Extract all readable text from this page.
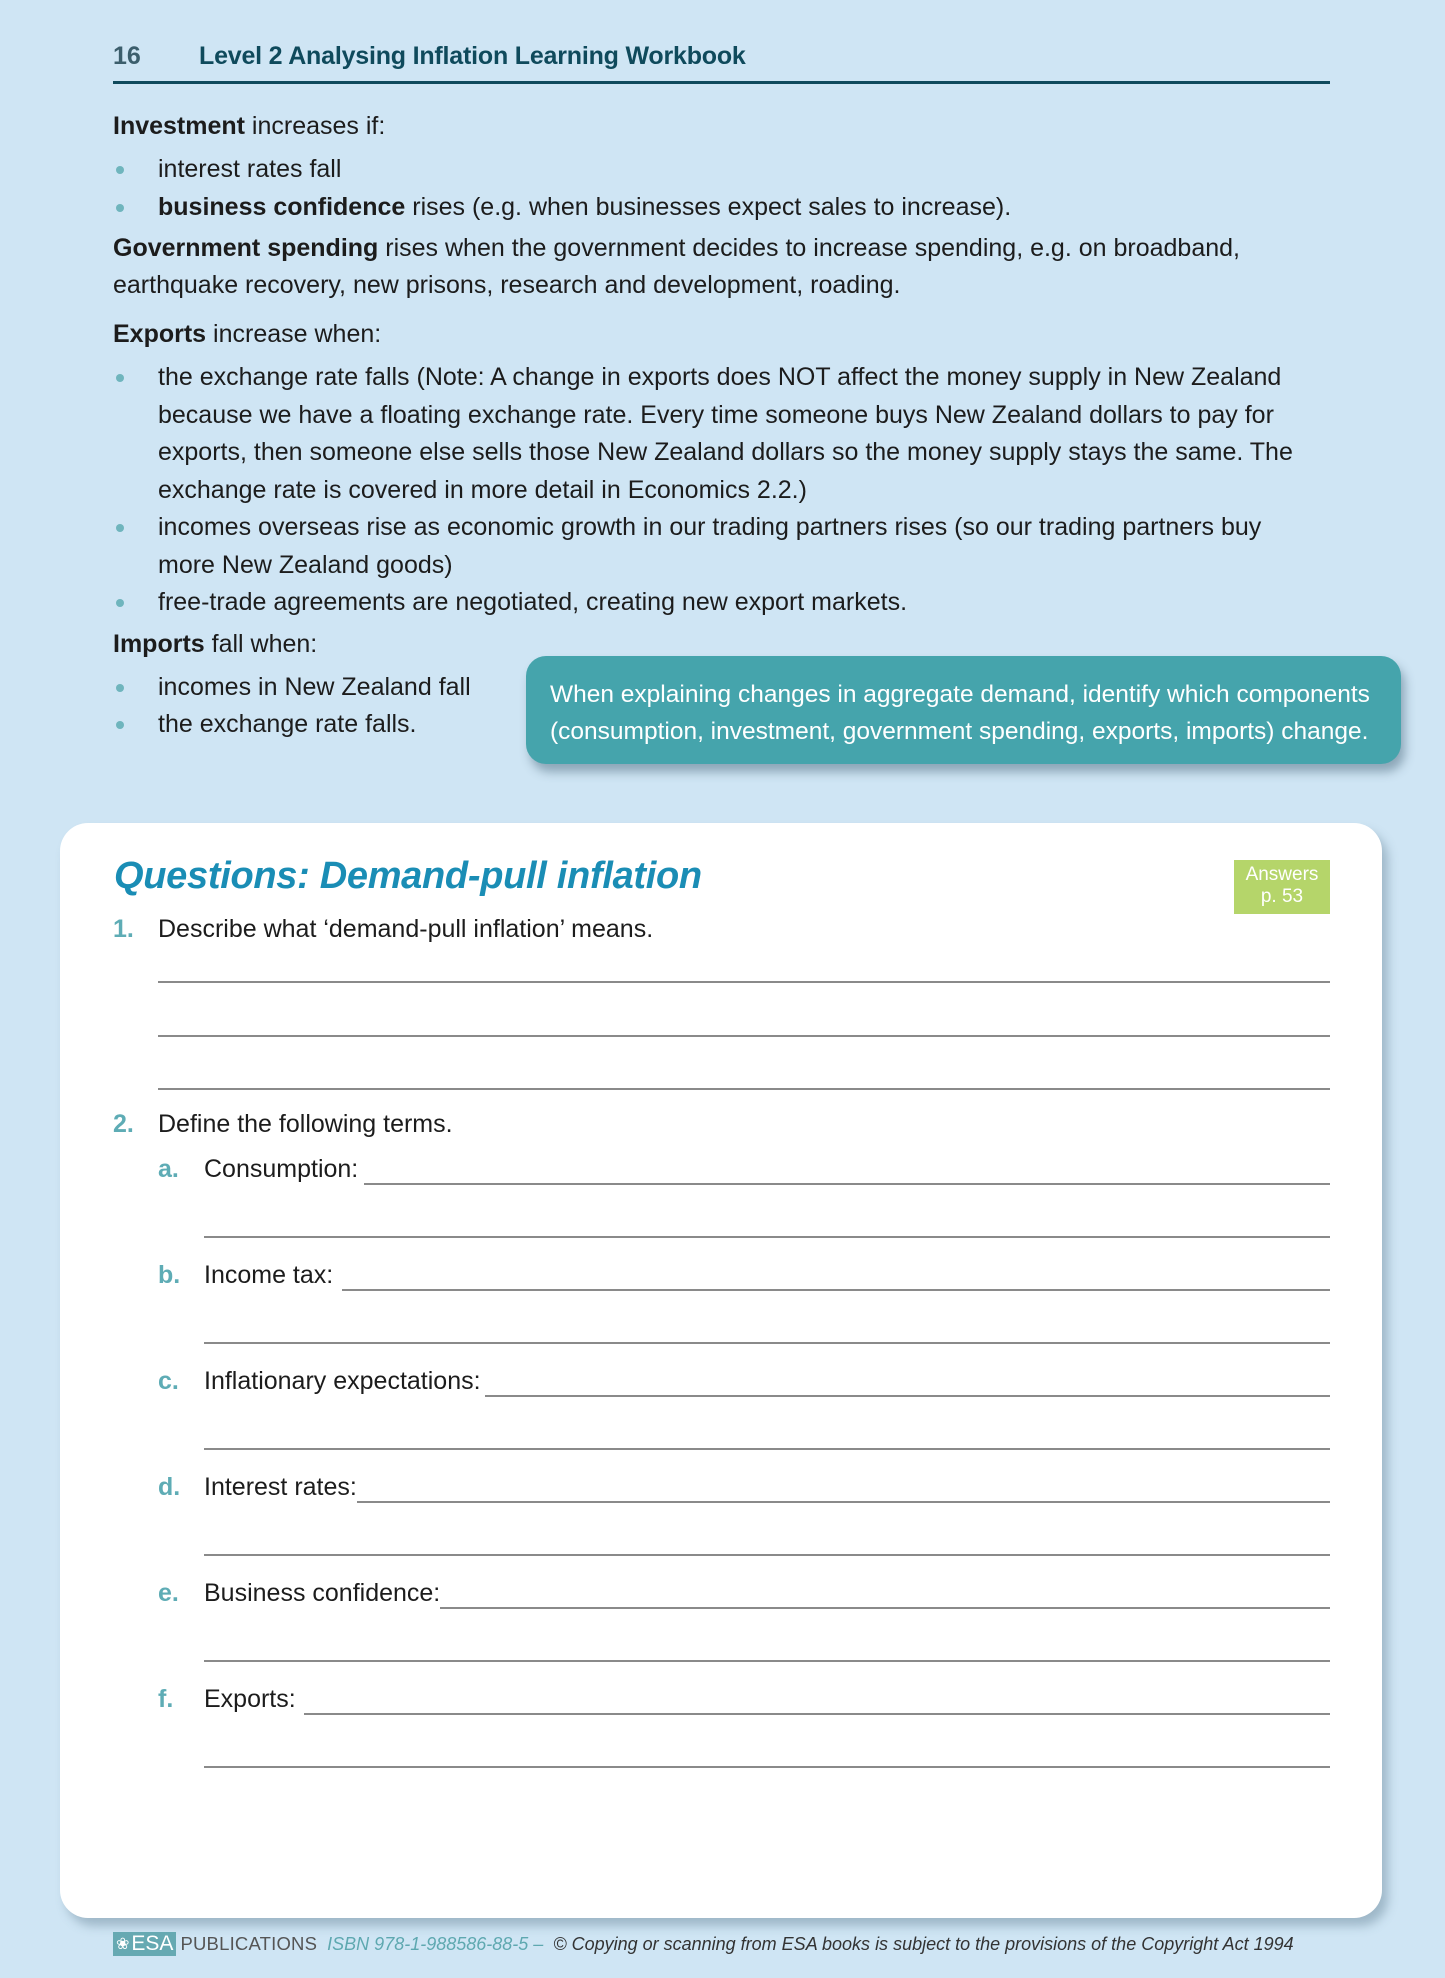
16	Level 2 Analysing Inflation Learning Workbook

Investment increases if:

interest rates fall
business confidence rises (e.g. when businesses expect sales to increase).

Government spending rises when the government decides to increase spending, e.g. on broadband, earthquake recovery, new prisons, research and development, roading.

Exports increase when:

the exchange rate falls (Note: A change in exports does NOT affect the money supply in New Zealand because we have a floating exchange rate. Every time someone buys New Zealand dollars to pay for exports, then someone else sells those New Zealand dollars so the money supply stays the same. The exchange rate is covered in more detail in Economics 2.2.)
incomes overseas rise as economic growth in our trading partners rises (so our trading partners buy more New Zealand goods)
free-trade agreements are negotiated, creating new export markets.

Imports fall when:

incomes in New Zealand fall
the exchange rate falls.
When explaining changes in aggregate demand, identify which components (consumption, investment, government spending, exports, imports) change.
Questions: Demand-pull inflation	Answers
p. 53
1. Describe what ‘demand-pull inflation’ means.
2. Define the following terms.
a.	Consumption:
b. Income tax:
c.	Inflationary expectations:
d. Interest rates:
e.	Business confidence:
f.	Exports:
❀ ESA PUBLICATIONS ISBN 978-1-988586-88-5 – © Copying or scanning from ESA books is subject to the provisions of the Copyright Act 1994
